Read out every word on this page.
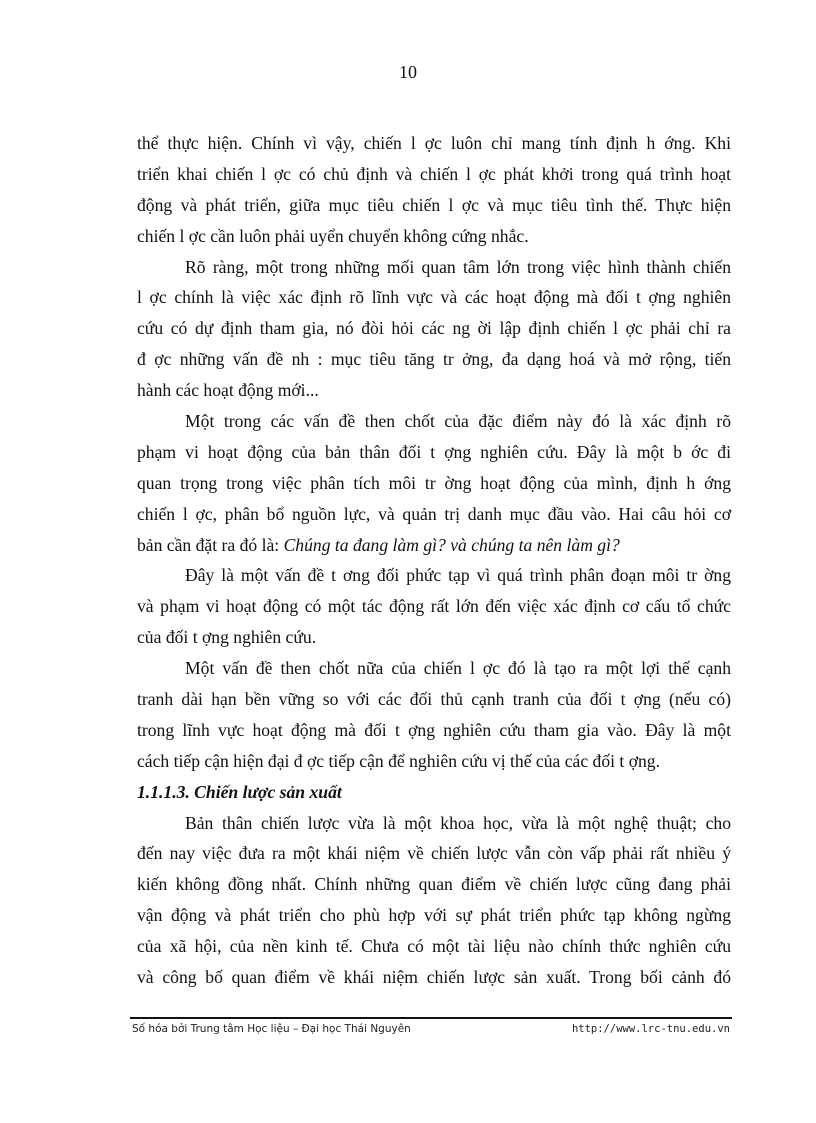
10
thể thực hiện. Chính vì vậy, chiến l ợc luôn chỉ mang tính định h ớng. Khi
triển khai chiến l ợc có chủ định và chiến l ợc phát khởi trong quá trình hoạt
động và phát triển, giữa mục tiêu chiến l ợc và mục tiêu tình thế. Thực hiện
chiến l ợc cần luôn phải uyển chuyển không cứng nhắc.
Rõ ràng, một trong những mối quan tâm lớn trong việc hình thành chiến
l ợc chính là việc xác định rõ lĩnh vực và các hoạt động mà đối t ợng nghiên
cứu có dự định tham gia, nó đòi hỏi các ng ời lập định chiến l ợc phải chỉ ra
đ ợc những vấn đề nh : mục tiêu tăng tr ởng, đa dạng hoá và mở rộng, tiến
hành các hoạt động mới...
Một trong các vấn đề then chốt của đặc điểm này đó là xác định rõ
phạm vi hoạt động của bản thân đối t ợng nghiên cứu. Đây là một b ớc đi
quan trọng trong việc phân tích môi tr ờng hoạt động của mình, định h ớng
chiến l ợc, phân bổ nguồn lực, và quản trị danh mục đầu vào. Hai câu hỏi cơ
bản cần đặt ra đó là: Chúng ta đang làm gì? và chúng ta nên làm gì?
Đây là một vấn đề t ơng đối phức tạp vì quá trình phân đoạn môi tr ờng
và phạm vi hoạt động có một tác động rất lớn đến việc xác định cơ cấu tổ chức
của đối t ợng nghiên cứu.
Một vấn đề then chốt nữa của chiến l ợc đó là tạo ra một lợi thế cạnh
tranh dài hạn bền vững so với các đối thủ cạnh tranh của đối t ợng (nếu có)
trong lĩnh vực hoạt động mà đối t ợng nghiên cứu tham gia vào. Đây là một
cách tiếp cận hiện đại đ ợc tiếp cận để nghiên cứu vị thế của các đối t ợng.
1.1.1.3. Chiến lược sản xuất
Bản thân chiến lược vừa là một khoa học, vừa là một nghệ thuật; cho
đến nay việc đưa ra một khái niệm về chiến lược vẫn còn vấp phải rất nhiều ý
kiến không đồng nhất. Chính những quan điểm về chiến lược cũng đang phải
vận động và phát triển cho phù hợp với sự phát triển phức tạp không ngừng
của xã hội, của nền kinh tế. Chưa có một tài liệu nào chính thức nghiên cứu
và công bố quan điểm về khái niệm chiến lược sản xuất. Trong bối cảnh đó
Số hóa bởi Trung tâm Học liệu – Đại học Thái Nguyên	http://www.lrc-tnu.edu.vn
